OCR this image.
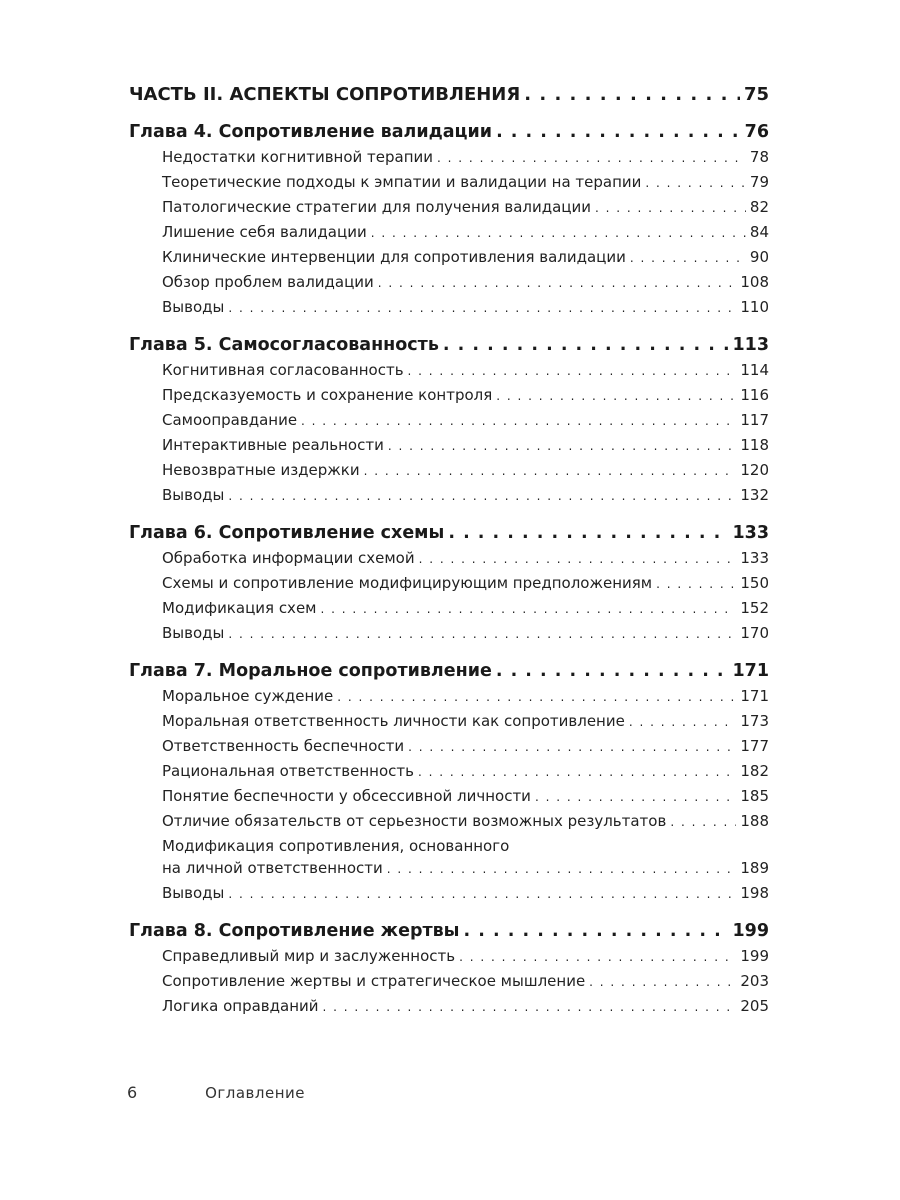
ЧАСТЬ II. АСПЕКТЫ СОПРОТИВЛЕНИЯ . . .	75
Глава 4. Сопротивление валидации . . .	76
Недостатки когнитивной терапии . . .	78
Теоретические подходы к эмпатии и валидации на терапии . . .	79
Патологические стратегии для получения валидации . . .	82
Лишение себя валидации . . .	84
Клинические интервенции для сопротивления валидации . . .	90
Обзор проблем валидации . . .	108
Выводы . . .	110
Глава 5. Самосогласованность . . .	113
Когнитивная согласованность . . .	114
Предсказуемость и сохранение контроля . . .	116
Самооправдание . . .	117
Интерактивные реальности . . .	118
Невозвратные издержки . . .	120
Выводы . . .	132
Глава 6. Сопротивление схемы . . .	133
Обработка информации схемой . . .	133
Схемы и сопротивление модифицирующим предположениям . . .	150
Модификация схем . . .	152
Выводы . . .	170
Глава 7. Моральное сопротивление . . .	171
Моральное суждение . . .	171
Моральная ответственность личности как сопротивление . . .	173
Ответственность беспечности . . .	177
Рациональная ответственность . . .	182
Понятие беспечности у обсессивной личности . . .	185
Отличие обязательств от серьезности возможных результатов . . .	188
Модификация сопротивления, основанного
на личной ответственности . . .	189
Выводы . . .	198
Глава 8. Сопротивление жертвы . . .	199
Справедливый мир и заслуженность . . .	199
Сопротивление жертвы и стратегическое мышление . . .	203
Логика оправданий . . .	205
6	Оглавление
